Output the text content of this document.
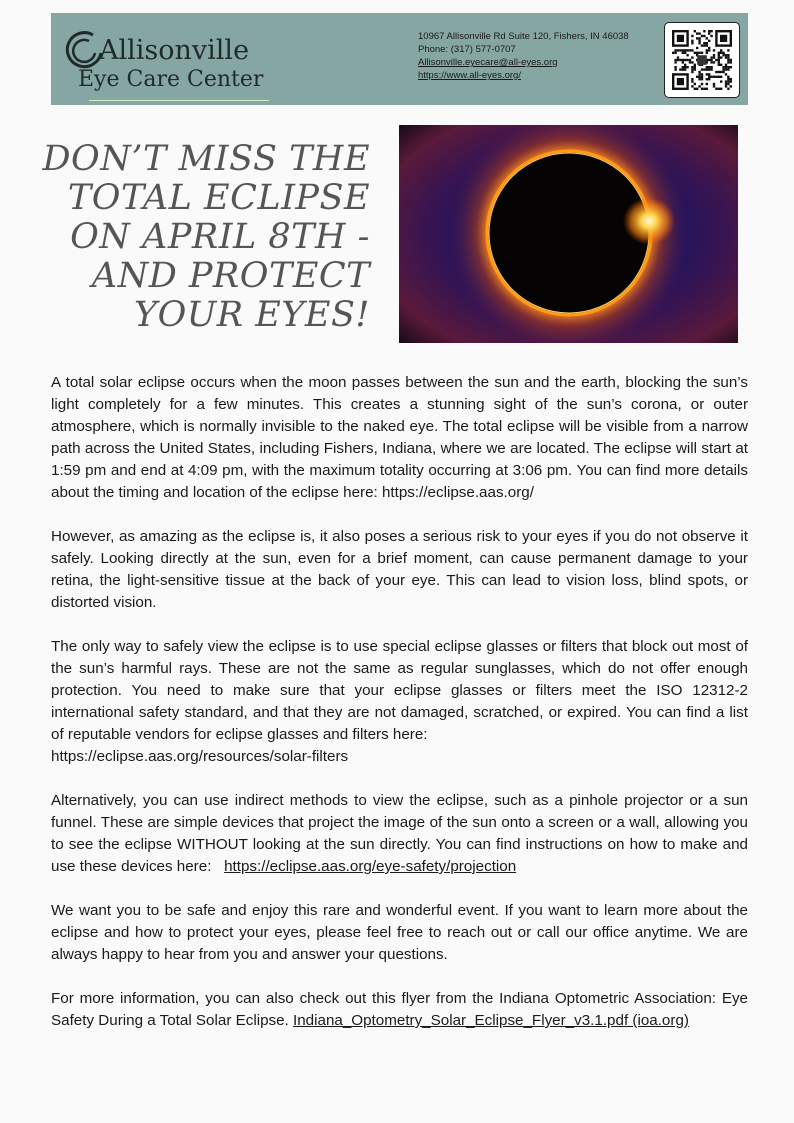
Allisonville
Eye Care Center
10967 Allisonville Rd Suite 120, Fishers, IN 46038
Phone: (317) 577-0707
Allisonville.eyecare@all-eyes.org
https://www.all-eyes.org/
DON’T MISS THE
TOTAL ECLIPSE
ON APRIL 8TH -
AND PROTECT
YOUR EYES!

A total solar eclipse occurs when the moon passes between the sun and the earth, blocking the sun’s light completely for a few minutes. This creates a stunning sight of the sun’s corona, or outer atmosphere, which is normally invisible to the naked eye. The total eclipse will be visible from a narrow path across the United States, including Fishers, Indiana, where we are located. The eclipse will start at 1:59 pm and end at 4:09 pm, with the maximum totality occurring at 3:06 pm. You can find more details about the timing and location of the eclipse here: https://eclipse.aas.org/

However, as amazing as the eclipse is, it also poses a serious risk to your eyes if you do not observe it safely. Looking directly at the sun, even for a brief moment, can cause permanent damage to your retina, the light-sensitive tissue at the back of your eye. This can lead to vision loss, blind spots, or distorted vision.

The only way to safely view the eclipse is to use special eclipse glasses or filters that block out most of the sun’s harmful rays. These are not the same as regular sunglasses, which do not offer enough protection. You need to make sure that your eclipse glasses or filters meet the ISO 12312-2 international safety standard, and that they are not damaged, scratched, or expired. You can find a list of reputable vendors for eclipse glasses and filters here:
https://eclipse.aas.org/resources/solar-filters

Alternatively, you can use indirect methods to view the eclipse, such as a pinhole projector or a sun funnel. These are simple devices that project the image of the sun onto a screen or a wall, allowing you to see the eclipse WITHOUT looking at the sun directly. You can find instructions on how to make and use these devices here: https://eclipse.aas.org/eye-safety/projection

We want you to be safe and enjoy this rare and wonderful event. If you want to learn more about the eclipse and how to protect your eyes, please feel free to reach out or call our office anytime. We are always happy to hear from you and answer your questions.

For more information, you can also check out this flyer from the Indiana Optometric Association: Eye Safety During a Total Solar Eclipse. Indiana_Optometry_Solar_Eclipse_Flyer_v3.1.pdf (ioa.org)
